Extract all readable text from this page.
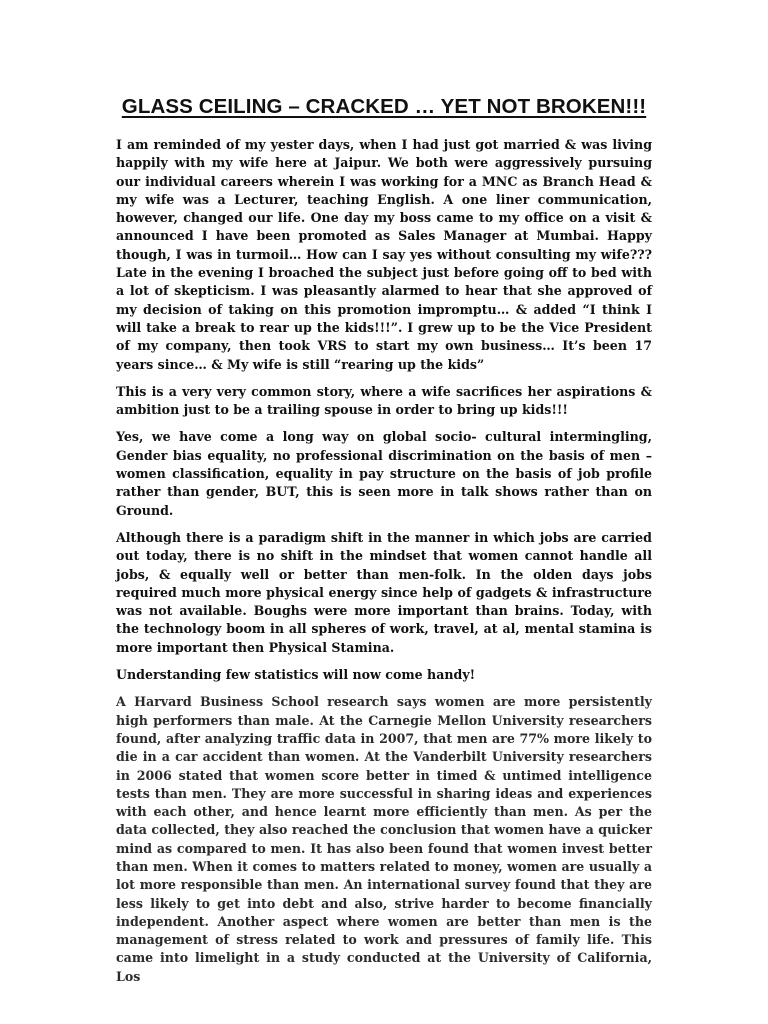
GLASS CEILING – CRACKED … YET NOT BROKEN!!!

I am reminded of my yester days, when I had just got married & was living happily with my wife here at Jaipur. We both were aggressively pursuing our individual careers wherein I was working for a MNC as Branch Head & my wife was a Lecturer, teaching English. A one liner communication, however, changed our life. One day my boss came to my office on a visit & announced I have been promoted as Sales Manager at Mumbai. Happy though, I was in turmoil… How can I say yes without consulting my wife??? Late in the evening I broached the subject just before going off to bed with a lot of skepticism. I was pleasantly alarmed to hear that she approved of my decision of taking on this promotion impromptu… & added “I think I will take a break to rear up the kids!!!”. I grew up to be the Vice President of my company, then took VRS to start my own business… It’s been 17 years since… & My wife is still “rearing up the kids”

This is a very very common story, where a wife sacrifices her aspirations & ambition just to be a trailing spouse in order to bring up kids!!!

Yes, we have come a long way on global socio- cultural intermingling, Gender bias equality, no professional discrimination on the basis of men – women classification, equality in pay structure on the basis of job profile rather than gender, BUT, this is seen more in talk shows rather than on Ground.

Although there is a paradigm shift in the manner in which jobs are carried out today, there is no shift in the mindset that women cannot handle all jobs, & equally well or better than men-folk. In the olden days jobs required much more physical energy since help of gadgets & infrastructure was not available. Boughs were more important than brains. Today, with the technology boom in all spheres of work, travel, at al, mental stamina is more important then Physical Stamina.

Understanding few statistics will now come handy!

A Harvard Business School research says women are more persistently high performers than male. At the Carnegie Mellon University researchers found, after analyzing traffic data in 2007, that men are 77% more likely to die in a car accident than women. At the Vanderbilt University researchers in 2006 stated that women score better in timed & untimed intelligence tests than men. They are more successful in sharing ideas and experiences with each other, and hence learnt more efficiently than men. As per the data collected, they also reached the conclusion that women have a quicker mind as compared to men. It has also been found that women invest better than men. When it comes to matters related to money, women are usually a lot more responsible than men. An international survey found that they are less likely to get into debt and also, strive harder to become financially independent. Another aspect where women are better than men is the management of stress related to work and pressures of family life. This came into limelight in a study conducted at the University of California, Los
